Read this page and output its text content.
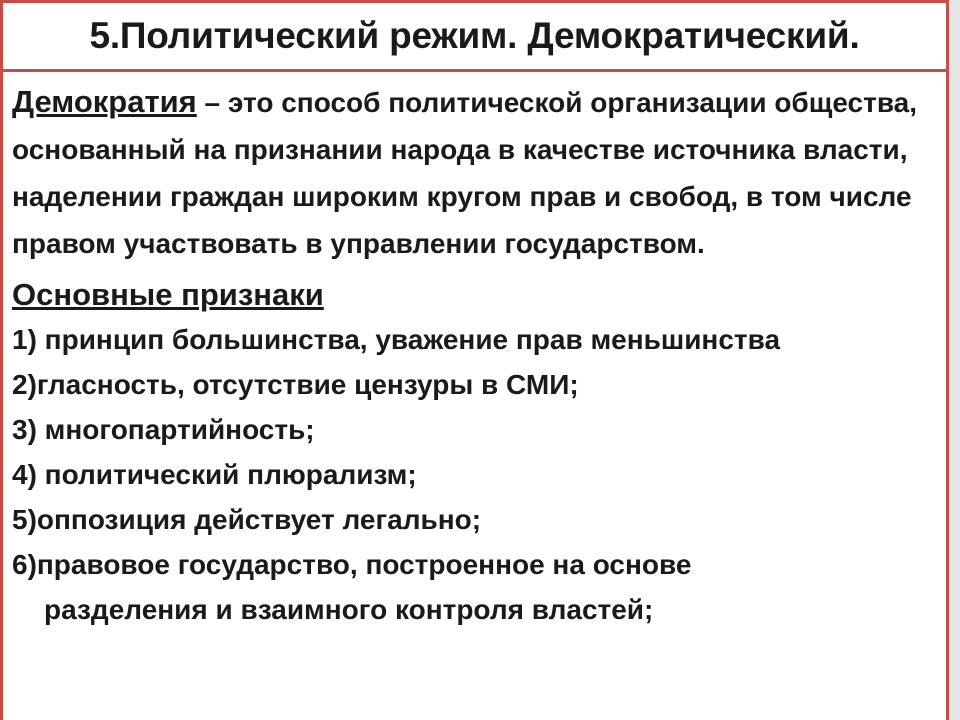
5.Политический режим. Демократический.

Демократия – это способ политической организации общества, основанный на признании народа в качестве источника власти, наделении граждан широким кругом прав и свобод, в том числе правом участвовать в управлении государством.

Основные признаки
1) принцип большинства, уважение прав меньшинства
2)гласность, отсутствие цензуры в СМИ;
3) многопартийность;
4) политический плюрализм;
5)оппозиция действует легально;
6)правовое государство, построенное на основе
разделения и взаимного контроля властей;
